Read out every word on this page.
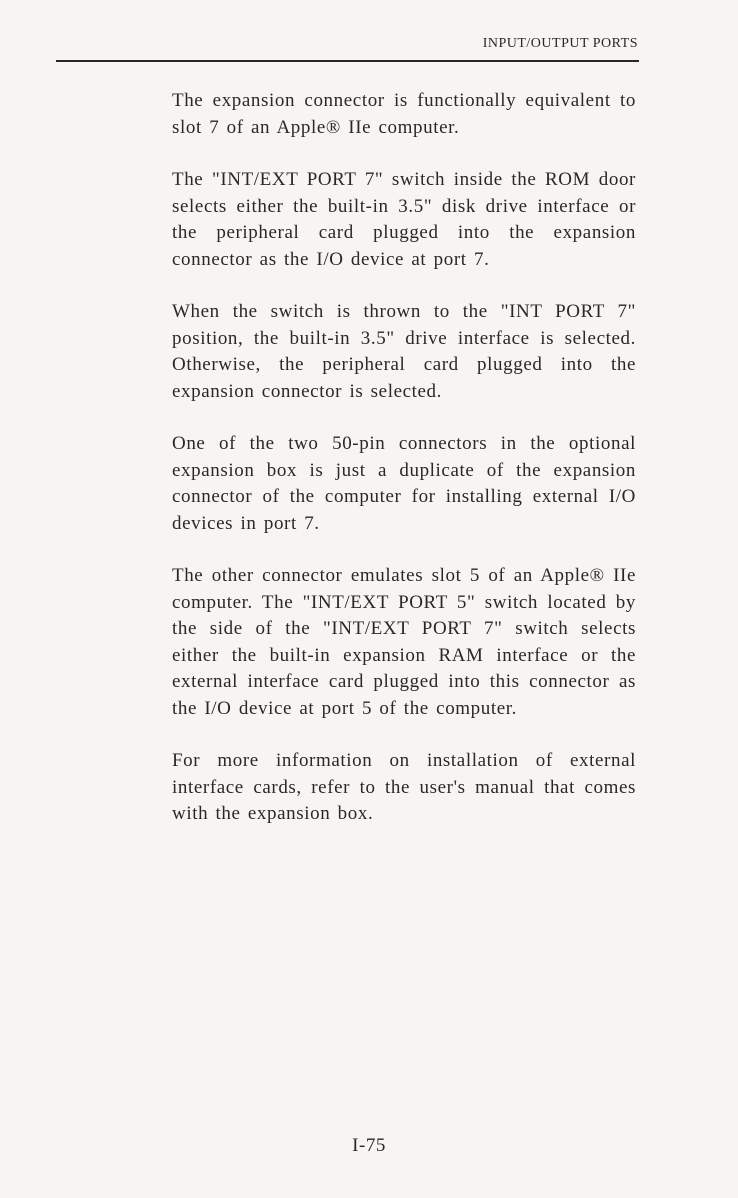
INPUT/OUTPUT PORTS

The expansion connector is functionally equivalent to slot 7 of an Apple® IIe computer.

The "INT/EXT PORT 7" switch inside the ROM door selects either the built-in 3.5" disk drive interface or the peripheral card plugged into the expansion connector as the I/O device at port 7.

When the switch is thrown to the "INT PORT 7" position, the built-in 3.5" drive interface is selected. Otherwise, the peripheral card plugged into the expansion connector is selected.

One of the two 50-pin connectors in the optional expansion box is just a duplicate of the expansion connector of the computer for installing external I/O devices in port 7.

The other connector emulates slot 5 of an Apple® IIe computer. The "INT/EXT PORT 5" switch located by the side of the "INT/EXT PORT 7" switch selects either the built-in expansion RAM interface or the external interface card plugged into this connector as the I/O device at port 5 of the computer.

For more information on installation of external interface cards, refer to the user's manual that comes with the expansion box.

I-75
